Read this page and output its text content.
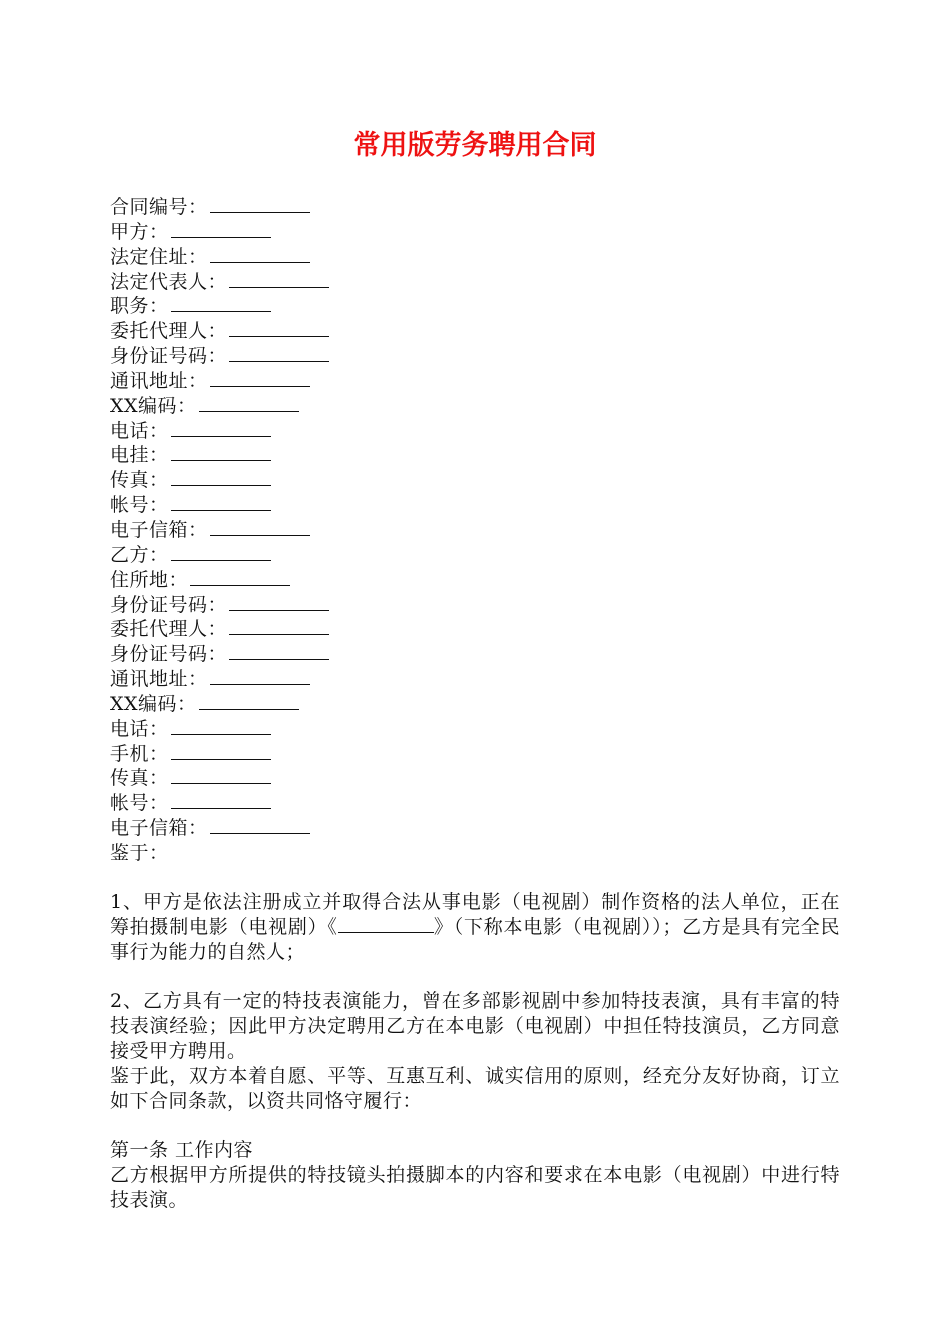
常用版劳务聘用合同
合同编号：
甲方：
法定住址：
法定代表人：
职务：
委托代理人：
身份证号码：
通讯地址：
XX编码：
电话：
电挂：
传真：
帐号：
电子信箱：
乙方：
住所地：
身份证号码：
委托代理人：
身份证号码：
通讯地址：
XX编码：
电话：
手机：
传真：
帐号：
电子信箱：
鉴于：

1、甲方是依法注册成立并取得合法从事电影（电视剧）制作资格的法人单位，正在筹拍摄制电影（电视剧）《	》（下称本电影（电视剧））；乙方是具有完全民事行为能力的自然人；

2、乙方具有一定的特技表演能力，曾在多部影视剧中参加特技表演，具有丰富的特技表演经验；因此甲方决定聘用乙方在本电影（电视剧）中担任特技演员，乙方同意接受甲方聘用。

鉴于此，双方本着自愿、平等、互惠互利、诚实信用的原则，经充分友好协商，订立如下合同条款，以资共同恪守履行：

第一条 工作内容

乙方根据甲方所提供的特技镜头拍摄脚本的内容和要求在本电影（电视剧）中进行特技表演。
